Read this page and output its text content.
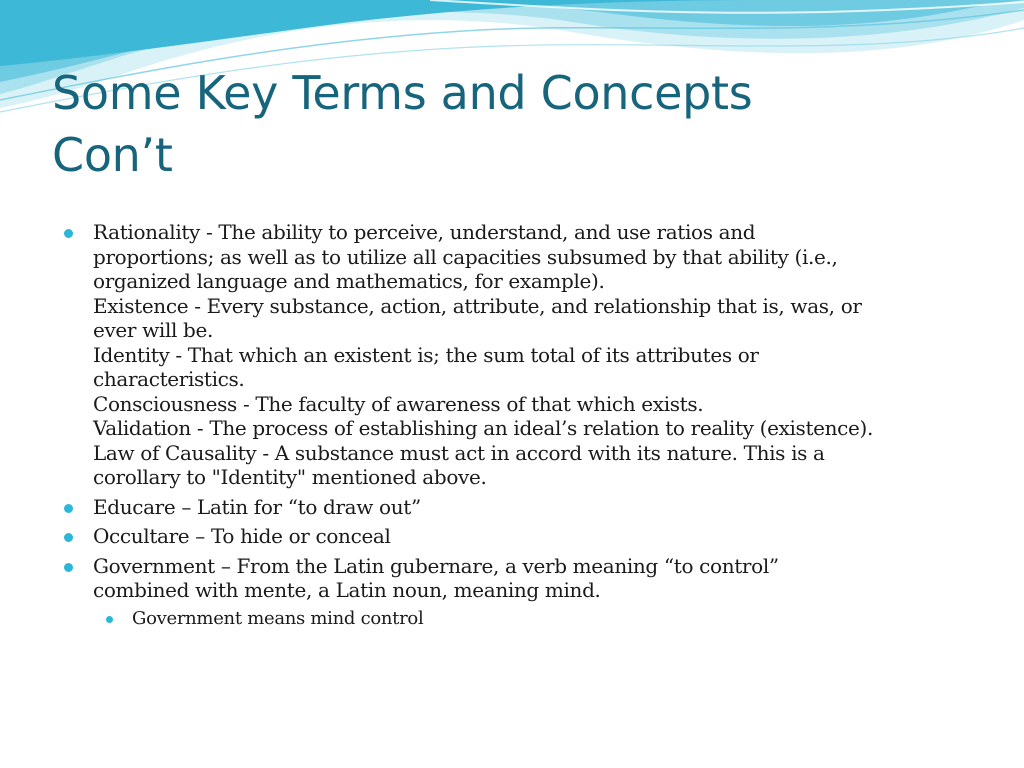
Some Key Terms and Concepts
Con’t
Rationality - The ability to perceive, understand, and use ratios and
proportions; as well as to utilize all capacities subsumed by that ability (i.e.,
organized language and mathematics, for example).
Existence - Every substance, action, attribute, and relationship that is, was, or
ever will be.
Identity - That which an existent is; the sum total of its attributes or
characteristics.
Consciousness - The faculty of awareness of that which exists.
Validation - The process of establishing an ideal’s relation to reality (existence).
Law of Causality - A substance must act in accord with its nature. This is a
corollary to "Identity" mentioned above.
Educare – Latin for “to draw out”
Occultare – To hide or conceal
Government – From the Latin gubernare, a verb meaning “to control”
combined with mente, a Latin noun, meaning mind.
Government means mind control
